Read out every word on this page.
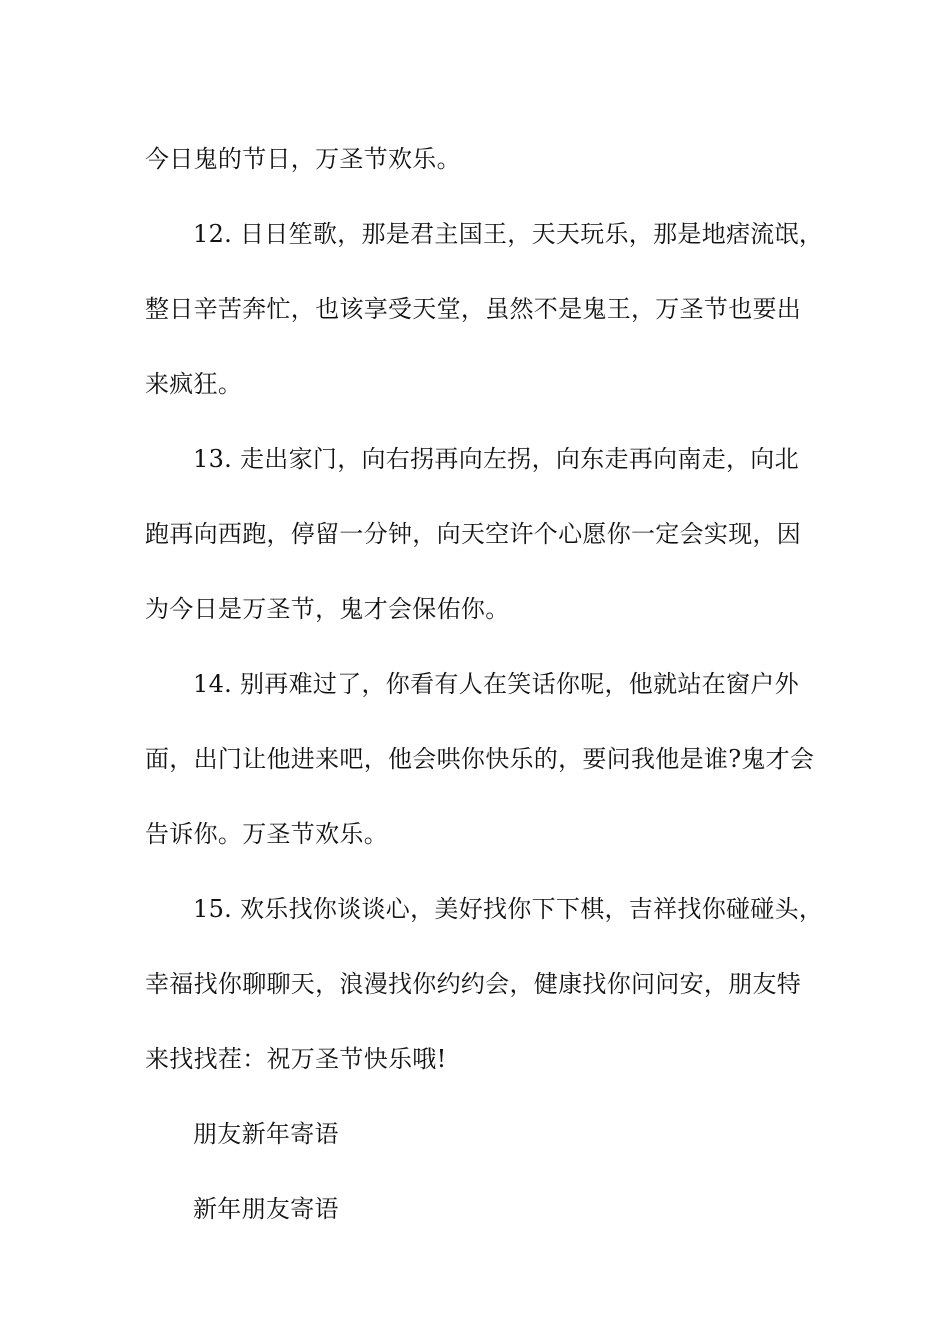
今日鬼的节日，万圣节欢乐。
12. 日日笙歌，那是君主国王，天天玩乐，那是地痞流氓，
整日辛苦奔忙，也该享受天堂，虽然不是鬼王，万圣节也要出
来疯狂。
13. 走出家门，向右拐再向左拐，向东走再向南走，向北
跑再向西跑，停留一分钟，向天空许个心愿你一定会实现，因
为今日是万圣节，鬼才会保佑你。
14. 别再难过了，你看有人在笑话你呢，他就站在窗户外
面，出门让他进来吧，他会哄你快乐的，要问我他是谁?鬼才会
告诉你。万圣节欢乐。
15. 欢乐找你谈谈心，美好找你下下棋，吉祥找你碰碰头，
幸福找你聊聊天，浪漫找你约约会，健康找你问问安，朋友特
来找找茬：祝万圣节快乐哦!
朋友新年寄语
新年朋友寄语
